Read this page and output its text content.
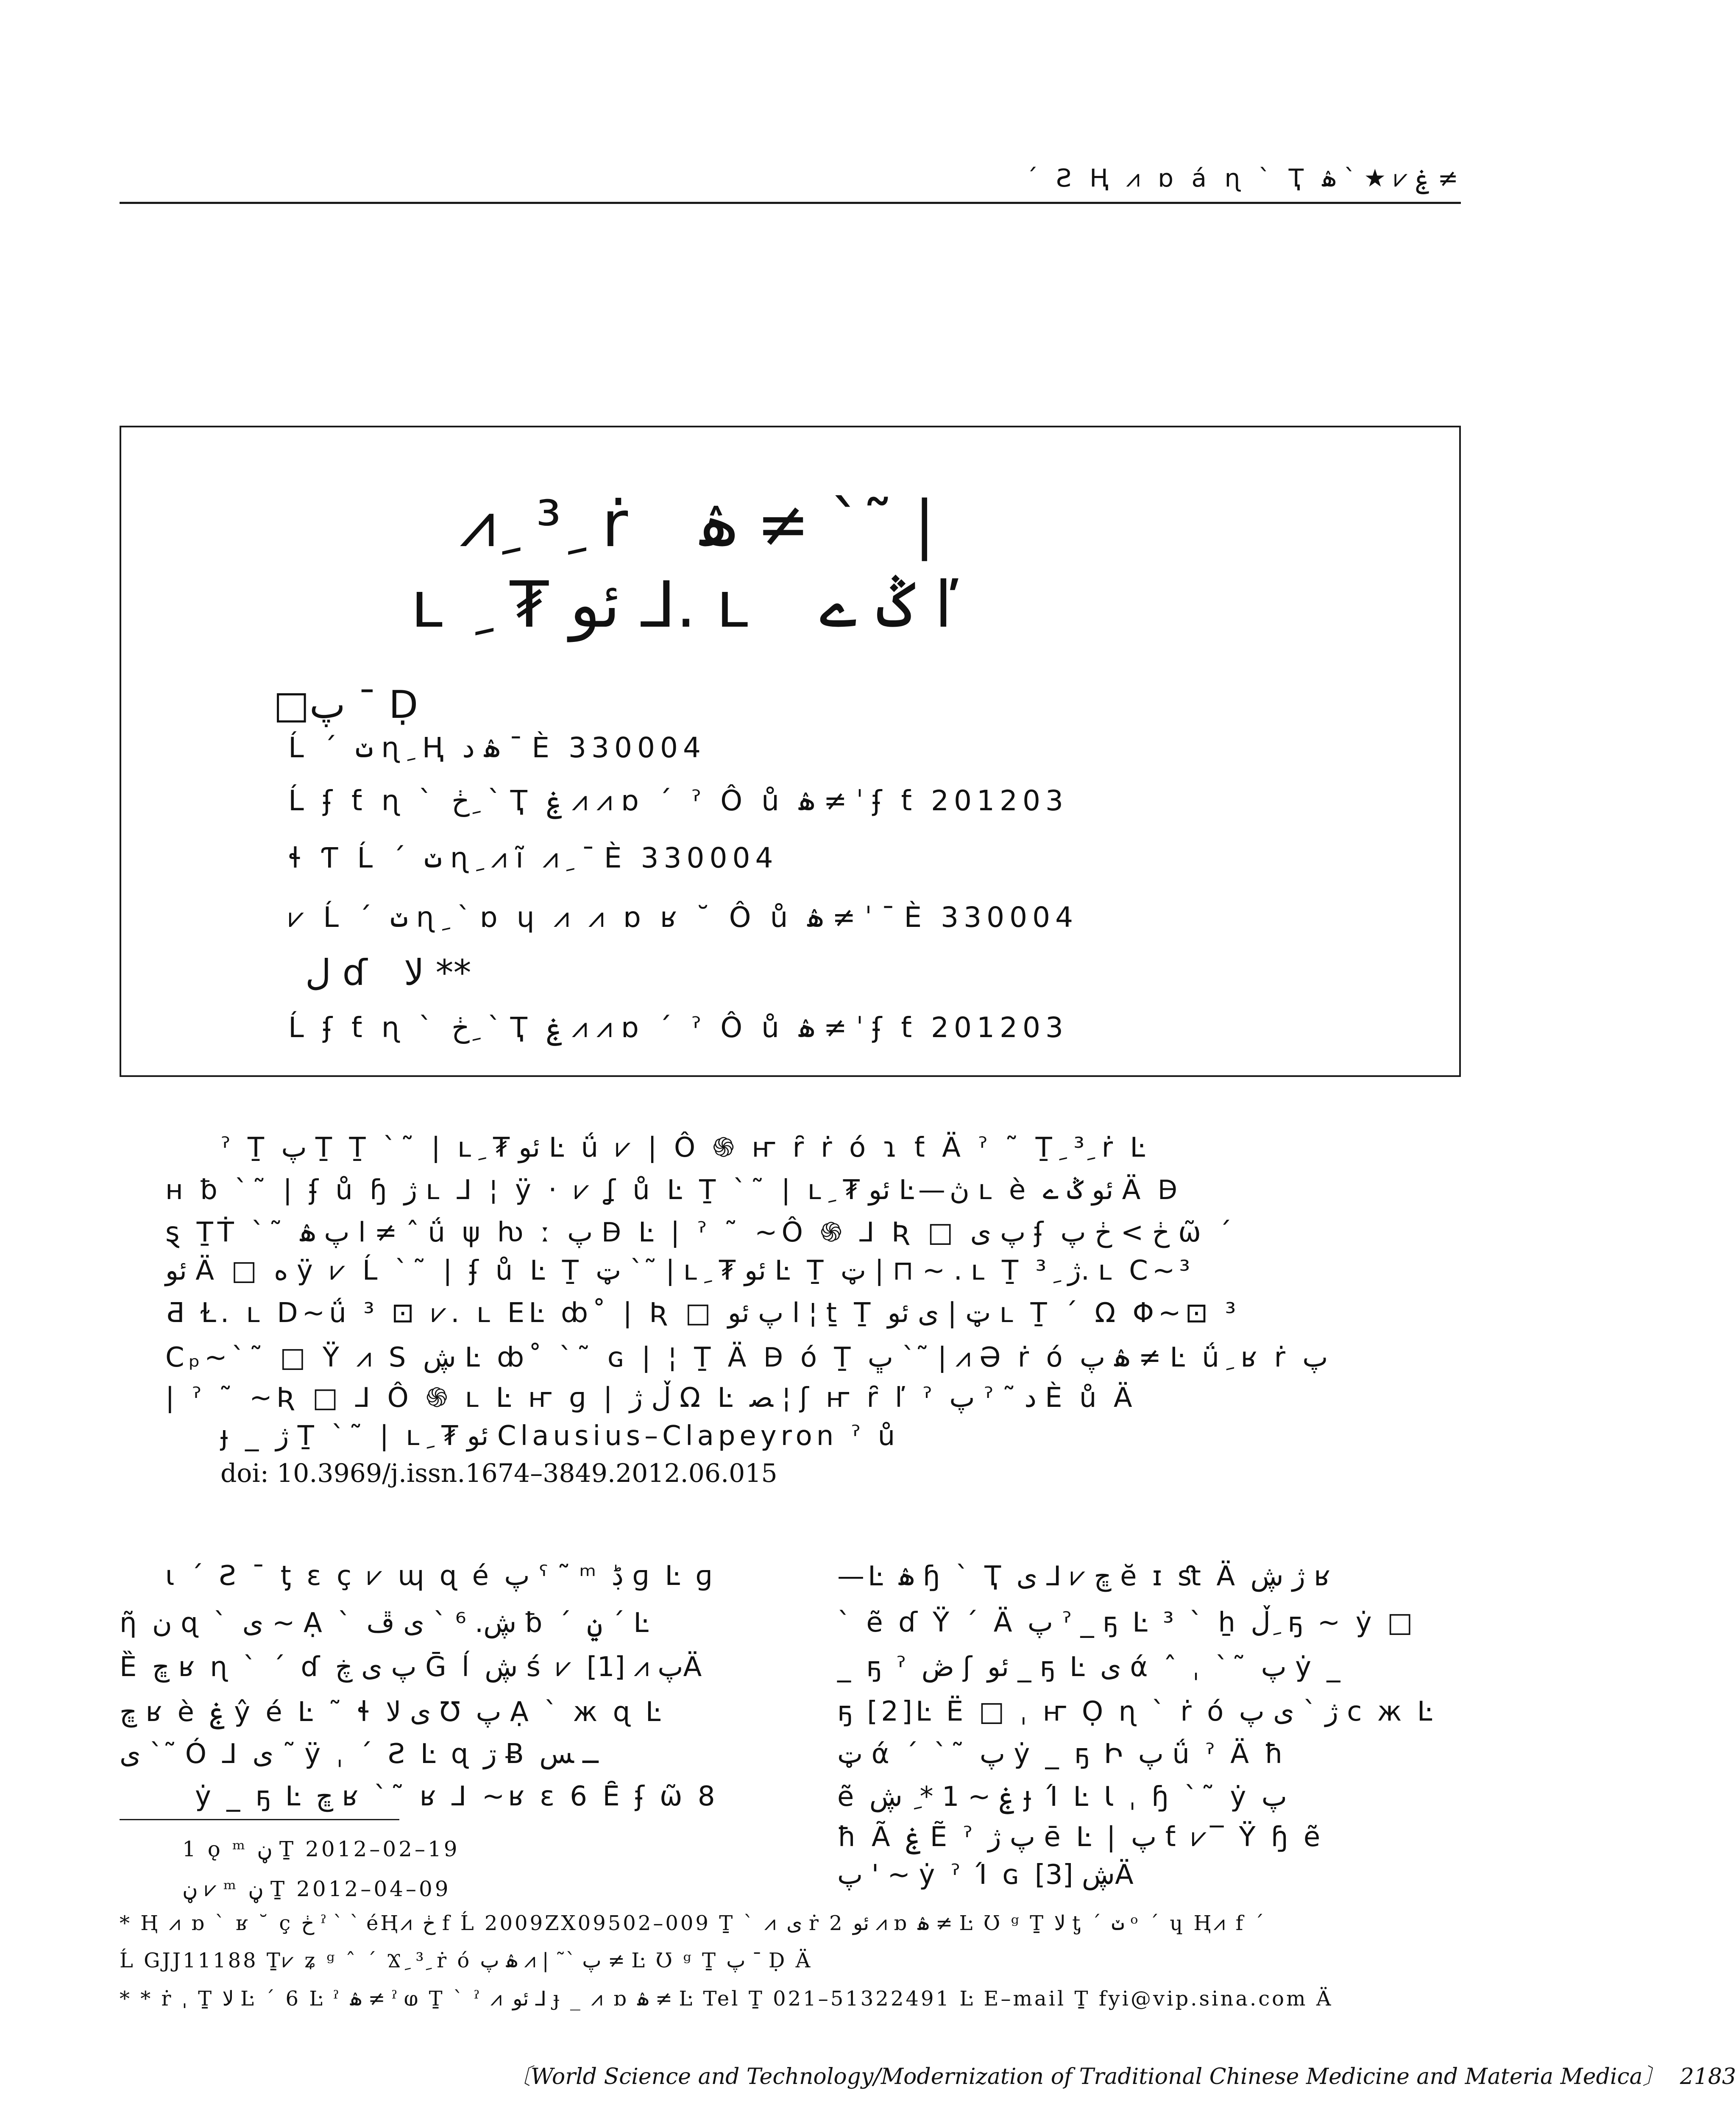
ˊ Ƨ Ⱨ ⩘ ɒ á ɳ ˋ Ҭ ۼ ⩗ ★ ˋ ۿ ≠
⩘ ِ ³ ِ ṙ ۿ ≠ ˋ˜ |
ʟ ِ ₮ ئو ⅃. ʟ ݣ ے ľ
□پ ˉ Ḍ
Ĺ ˊ ݖ ɳ ِ Ⱨ ۿ د ˉ È 330004
Ĺ ʄ ƭ ɳ ˋ ڂ ِ ˋ Ҭ ۼ ⩘ ⩘ ɒ ˊ ˀ Ô ů ۿ ≠ ˈ ʄ ƭ 201203
ɬ Ƭ Ĺ ˊ ݖ ɳ ِ ⩘ ĩ ⩘ ِ ˉ È 330004
⩗ Ĺ ˊ ݖ ɳ ِ ˋ ɒ ɥ ⩘ ⩘ ɒ ʁ ˘ Ô ů ۿ ≠ ˈ ˉ È 330004
ﻝ ɗ ﻻ **
Ĺ ʄ ƭ ɳ ˋ ڂ ِ ˋ Ҭ ۼ ⩘ ⩘ ɒ ˊ ˀ Ô ů ۿ ≠ ˈ ʄ ƭ 201203
ˀ Ṯ پ Ṯ Ṯ ˋ˜ | ʟ ِ ₮ ئو Ŀ ǘ ⩗ | Ô ֍ ҥ ȓ ṙ ó ɿ ƭ Ä ˀ ˜ Ṯ ِ ³ ِ ṙ Ŀ
ʜ ƀ ˋ˜ | ʄ ů ɧ ژ ʟ ⅃ ¦ ÿ · ⩗ ʆ ů Ŀ Ṯ ˋ˜ | ʟ ِ ₮ ئو Ŀ—ڽ ʟ è ئو ݣ ے Ä Ꟈ
ȿ ṮṪ ˋ˜ ا پ ۿ ≠ ˆ ǘ ψ ƕ ː پ Ꟈ Ŀ | ˀ ˜ ~Ô ֍ ⅃ Ʀ □ پ ی ʄ ڂ > ڂ پ ῶ ˊ
ئو Ä □ ه ÿ ⩗ Ĺ ˋ˜ | ʄ ů Ŀ Ṯ ټ ˋ˜ | ʟ ِ ₮ ئو Ŀ Ṯ ټ | ⊓ ~ . ʟ Ṯ ³ ِ ژ. ʟ C~³
Ƌ Ɫ. ʟ D~ǘ ³ ⊡ ⩗. ʟ EĿ ȸ˚ | Ʀ □ ا پ ئو ¦ ṯ Ṯ ټ | ی ئو ʟ Ṯ ˊ Ω Φ~⊡ ³
Cₚ~ˋ˜ □ Ÿ ⩘ S ڜ Ŀ ȸ˚ ˋ˜ ɢ | ¦ Ṯ Ä Ꟈ ó Ṯ ڀ ˋ˜ | ⩘ Ə ṙ ó ۿ پ ≠ Ŀ ǘ ِ ʁ ṙ پ
| ˀ ˜ ~Ʀ □ ⅃ Ô ֍ ʟ Ŀ ҥ ɡ | ڵ ژ Ω Ŀ ﺼ ¦ ʃ ҥ ȓ ľ ˀ پ ˀ ˜ د È ů Ä
ɟ _ ژ Ṯ ˋ˜ | ʟ ِ ₮ ئو Clausius–Clapeyron ˀ ů
doi: 10.3969/j.issn.1674–3849.2012.06.015
ɩ ˊ Ƨ ˉ ƫ ɛ ç ⩗ ɰ ɋ é پ ˁ ˜ ᵐ ڋ ɡ Ŀ ɡ
ῆ ن ɋ ˋ ی ~ Ạ ˋ ڜ. ⁶ ˋ ی ڦ ƀ ˊ ݧ ˊ Ŀ
Ȅ ڇ ʁ ɳ ˋ ˊ ɗ پ ی ڿ Ḡ ĺ ڜ ś ⩗ پ ⩘ [1]Ä
ڇ ʁ è ۼ ŷ é Ŀ ˜ ɬ ی ﻻ Ʊ پ Ạ ˋ ж ɋ Ŀ
ی ˋ˜ Ó ⅃ ی ˜ ÿ ˌ ˊ Ƨ Ŀ ɋ ڗ Ƀ ــ ﺲ
ẏ _ ҕ Ŀ ڇ ʁ ˋ˜ ʁ ⅃ ~ʁ ɛ 6 Ȇ ʄ ῶ 8
—Ŀ ۿ ɧ ˋ Ҭ ڇ ⩗ ⅃ ی ĕ ɪ ﬆ Ä ژ ڜ ʁ
ˋ ẽ ɗ Ÿ ˊ Ä پ ˀ _ ҕ Ŀ ³ ˋ ẖ ڵ ِ ҕ ~ ẏ □
_ ҕ ˀ ڞ ʃ ئو _ ҕ Ŀ ی ά ˆ ˌ ˋ˜ پ ẏ _
ҕ [2]Ŀ Ë □ ˌ ҥ Ọ ɳ ˋ ṙ ó ژ ˋ ی پ c ж Ŀ
ټ ά ˊ ˋ˜ پ ẏ _ ҕ Ի پ ǘ ˀ Ä ħ
ẽ ۼ ~ 1 * ِ ڜ ɟ Ί Ŀ Ɩ ˌ ɧ ˋ˜ ẏ پ
ħ Ã ۼ Ẽ ˀ پ ژ ē Ŀ | پ ƭ ⩗‾ Ÿ ɧ ẽ
پ ' ~ ẏ ˀ Ί ɢ ڜ [3]Ä
1 ǫ ᵐ ڼ Ṯ 2012–02–19
ڼ ⩗ ᵐ ڼ Ṯ 2012–04–09
* Ⱨ ⩘ ɒ ˋ ʁ ˘ ç ڂ ˀ ˋ ˋ éⱧ⩘ ڂ f Ĺ 2009ZX09502–009 Ṯ ˋ ⩘ ی ṙ 2 ئو ⩘ ɒ ۿ ≠ Ŀ Ʊ ᵍ Ṯ ﻻ ƫ ˊ ݖ ᵒ ˊ ɥ Ⱨ⩘ f ˊ
Ĺ GJJ11188 Ṯ⩗ ʑ ᵍ ˆ ˊ Ϫ ِ ³ ِ ṙ ó پ ˋ˜ | ⩘ ۿ پ ≠ Ŀ Ʊ ᵍ Ṯ پ ˉ Ḍ Ä
* * ṙ ˌ Ṯ ﻻ Ŀ ˊ 6 Ŀ ˀ ۿ ≠ ˀ ⱷ Ṯ ˋ ˀ ⩘ ئو ⅃ ɟ _ ⩘ ɒ ۿ ≠ Ŀ Tel Ṯ 021–51322491 Ŀ E–mail Ṯ fyi@vip.sina.com Ä
〔World Science and Technology/Modernization of Traditional Chinese Medicine and Materia Medica〕 2183
